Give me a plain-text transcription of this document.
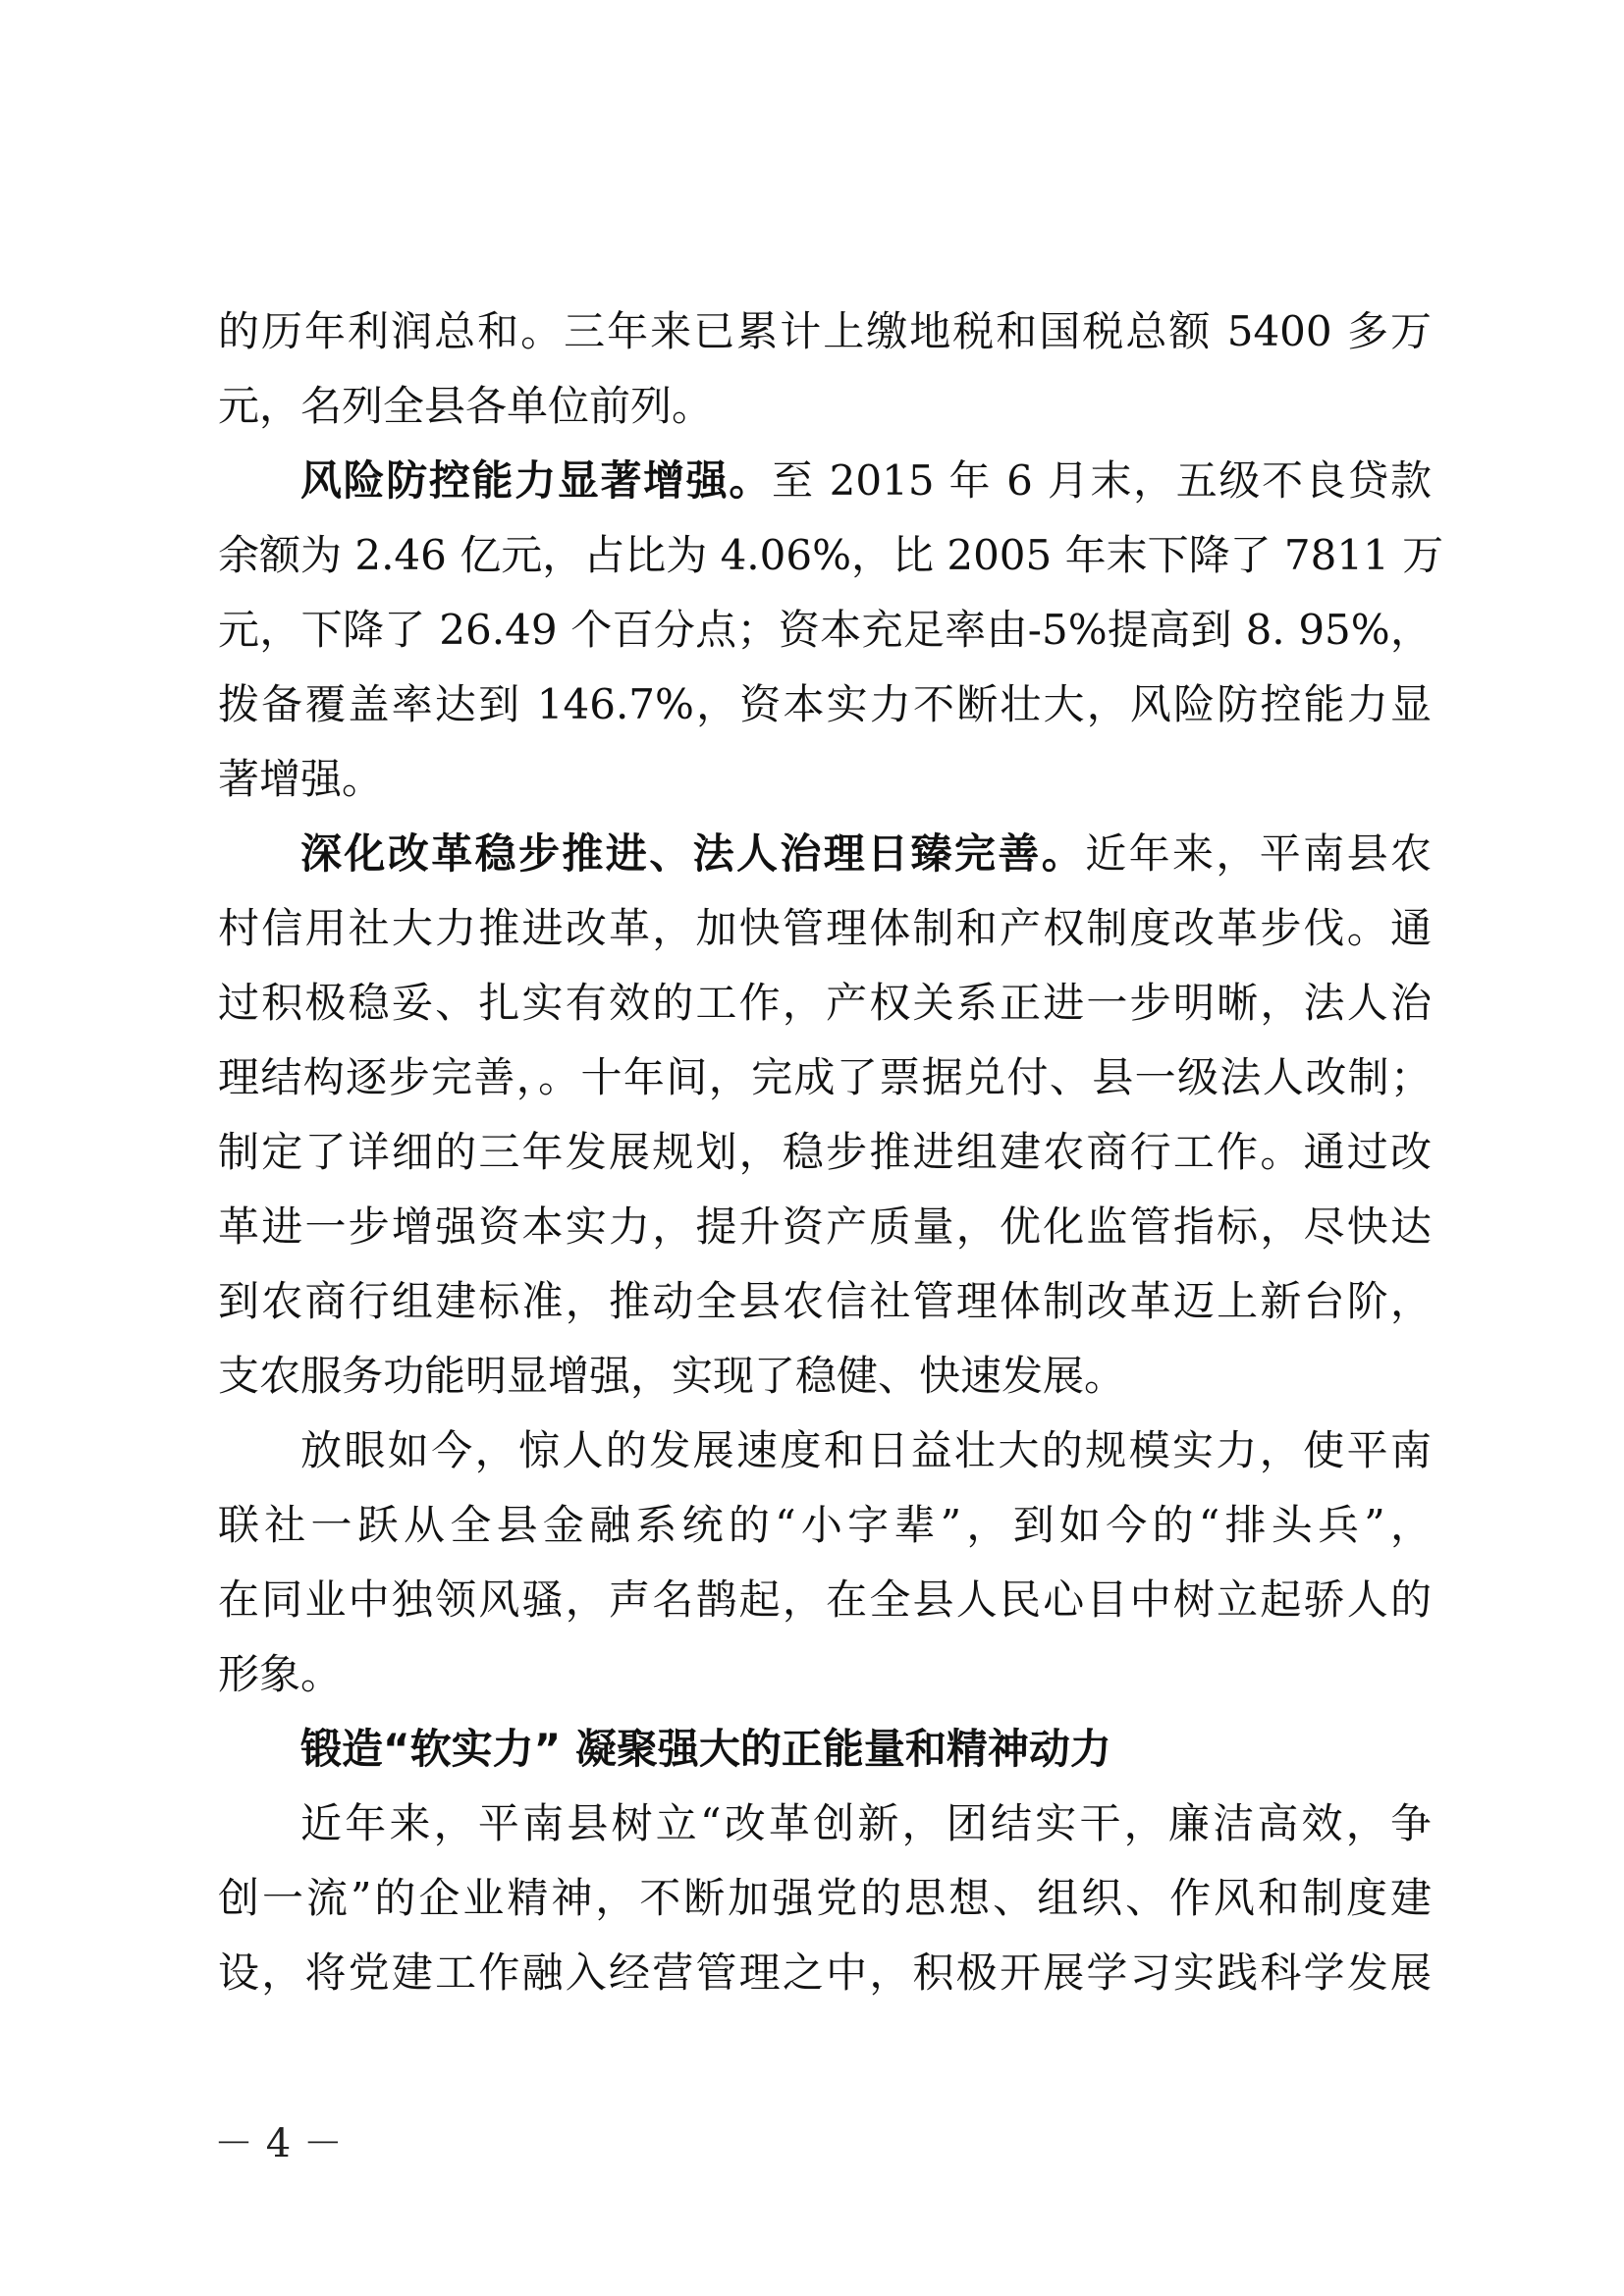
的历年利润总和。三年来已累计上缴地税和国税总额 5400 多万
元，名列全县各单位前列。
风险防控能力显著增强。至 2015 年 6 月末，五级不良贷款
余额为 2.46 亿元，占比为 4.06%，比 2005 年末下降了 7811 万
元，下降了 26.49 个百分点；资本充足率由-5%提高到 8. 95%，
拨备覆盖率达到 146.7%，资本实力不断壮大，风险防控能力显
著增强。
深化改革稳步推进、法人治理日臻完善。近年来，平南县农
村信用社大力推进改革，加快管理体制和产权制度改革步伐。通
过积极稳妥、扎实有效的工作，产权关系正进一步明晰，法人治
理结构逐步完善，。十年间，完成了票据兑付、县一级法人改制；
制定了详细的三年发展规划，稳步推进组建农商行工作。通过改
革进一步增强资本实力，提升资产质量，优化监管指标，尽快达
到农商行组建标准，推动全县农信社管理体制改革迈上新台阶，
支农服务功能明显增强，实现了稳健、快速发展。
放眼如今，惊人的发展速度和日益壮大的规模实力，使平南
联社一跃从全县金融系统的“小字辈”，到如今的“排头兵”，
在同业中独领风骚，声名鹊起，在全县人民心目中树立起骄人的
形象。
锻造“软实力” 凝聚强大的正能量和精神动力
近年来，平南县树立“改革创新，团结实干，廉洁高效，争
创一流”的企业精神，不断加强党的思想、组织、作风和制度建
设，将党建工作融入经营管理之中，积极开展学习实践科学发展
－ 4 －
